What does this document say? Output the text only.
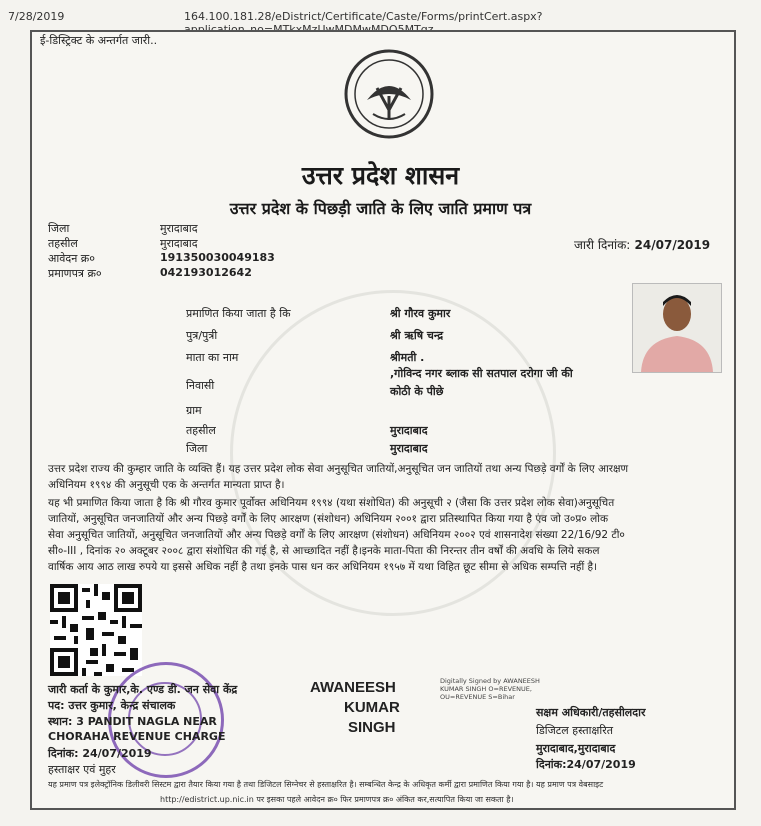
7/28/2019	164.100.181.28/eDistrict/Certificate/Caste/Forms/printCert.aspx?
ई-डिस्ट्रिक्ट के अन्तर्गत जारी..
उत्तर प्रदेश शासन
उत्तर प्रदेश के पिछड़ी जाति के लिए जाति प्रमाण पत्र
जिला	मुरादाबाद
तहसील	मुरादाबाद
आवेदन क्र०	191350030049183
प्रमाणपत्र क्र०	042193012642
जारी दिनांक: 24/07/2019
प्रमाणित किया जाता है कि	श्री गौरव कुमार
पुत्र/पुत्री	श्री ऋषि चन्द्र
माता का नाम	श्रीमती .
निवासी
,गोविन्द नगर ब्लाक सी सतपाल दरोगा जी की
कोठी के पीछे
ग्राम
तहसील	मुरादाबाद
जिला	मुरादाबाद
उत्तर प्रदेश राज्य की कुम्हार जाति के व्यक्ति हैं। यह उत्तर प्रदेश लोक सेवा अनुसूचित जातियों,अनुसूचित जन जातियों तथा अन्य पिछड़े वर्गों के लिए आरक्षण
अधिनियम १९९४ की अनुसूची एक के अन्तर्गत मान्यता प्राप्त है।
यह भी प्रमाणित किया जाता है कि श्री गौरव कुमार पूर्वोक्त अधिनियम १९९४ (यथा संशोधित) की अनुसूची २ (जैसा कि उत्तर प्रदेश लोक सेवा)अनुसूचित
जातियों, अनुसूचित जनजातियों और अन्य पिछड़े वर्गों के लिए आरक्षण (संशोधन) अधिनियम २००१ द्वारा प्रतिस्थापित किया गया है एंव जो उ०प्र० लोक
सेवा अनुसूचित जातियों, अनुसूचित जनजातियों और अन्य पिछड़े वर्गों के लिए आरक्षण (संशोधन) अधिनियम २००२ एवं शासनादेश संख्या 22/16/92 टी०
सी०-III , दिनांक २० अक्टूबर २००८ द्वारा संशोधित की गई है, से आच्छादित नहीं है।इनके माता-पिता की निरन्तर तीन वर्षों की अवधि के लिये सकल
वार्षिक आय आठ लाख रुपये या इससे अधिक नहीं है तथा इनके पास धन कर अधिनियम १९५७ में यथा विहित छूट सीमा से अधिक सम्पत्ति नहीं है।
जारी कर्ता के कुमार,के. एण्ड डी. जन सेवा केंद्र
पद: उत्तर कुमार, केन्द्र संचालक
स्थान: 3 PANDIT NAGLA NEAR
CHORAHA REVENUE CHARGE
दिनांक: 24/07/2019
हस्ताक्षर एवं मुहर
AWANEESH
KUMAR
SINGH
Digitally Signed by AWANEESH KUMAR SINGH O=REVENUE, OU=REVENUE S=Bihar
सक्षम अधिकारी/तहसीलदार
डिजिटल हस्ताक्षरित
मुरादाबाद,मुरादाबाद
दिनांक:24/07/2019
यह प्रमाण पत्र इलेक्ट्रॉनिक डिलीवरी सिस्टम द्वारा तैयार किया गया है तथा डिजिटल सिग्नेचर से हस्ताक्षरित है। सम्बन्धित केन्द्र के अधिकृत कर्मी द्वारा प्रमाणित किया गया है। यह प्रमाण पत्र वेबसाइट
http://edistrict.up.nic.in पर इसका पहले आवेदन क्र० फिर प्रमाणपत्र क्र० अंकित कर,सत्यापित किया जा सकता है।
